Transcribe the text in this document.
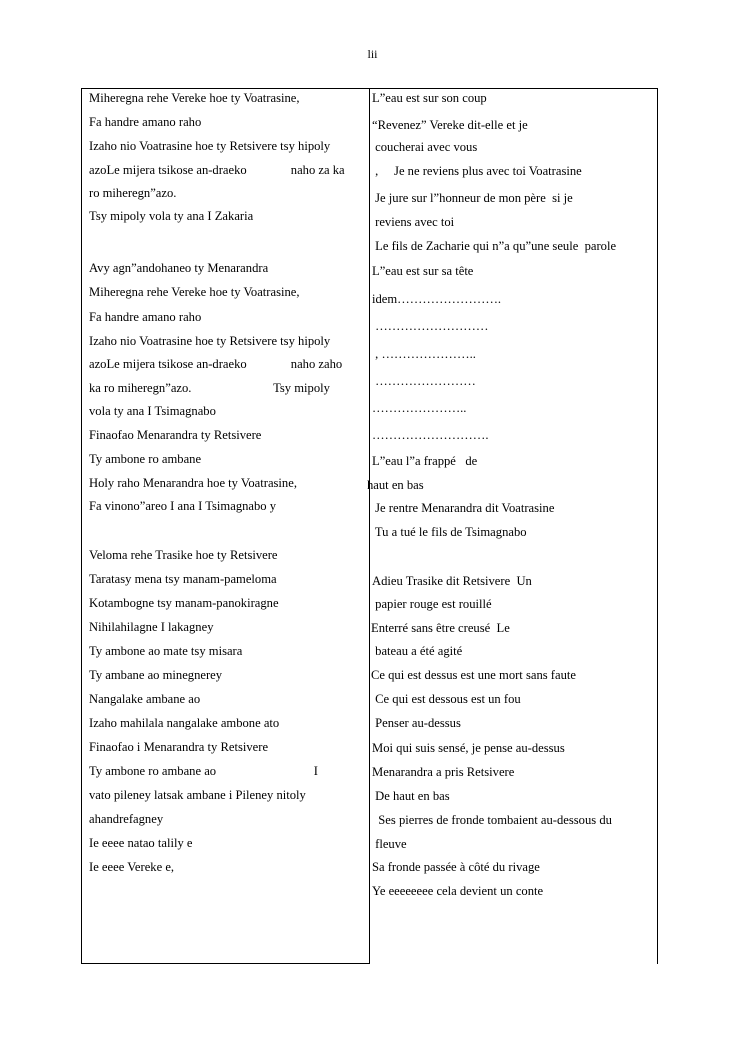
lii
Miheregna rehe Vereke hoe ty Voatrasine,
Fa handre amano raho
Izaho nio Voatrasine hoe ty Retsivere tsy hipoly
azoLe mijera tsikose an-draeko              naho za ka
ro miheregn”azo.
Tsy mipoly vola ty ana I Zakaria
Avy agn”andohaneo ty Menarandra
Miheregna rehe Vereke hoe ty Voatrasine,
Fa handre amano raho
Izaho nio Voatrasine hoe ty Retsivere tsy hipoly
azoLe mijera tsikose an-draeko              naho zaho
ka ro miheregn”azo.                          Tsy mipoly
vola ty ana I Tsimagnabo
Finaofao Menarandra ty Retsivere
Ty ambone ro ambane
Holy raho Menarandra hoe ty Voatrasine,
Fa vinono”areo I ana I Tsimagnabo y
Veloma rehe Trasike hoe ty Retsivere
Taratasy mena tsy manam-pameloma
Kotambogne tsy manam-panokiragne
Nihilahilagne I lakagney
Ty ambone ao mate tsy misara
Ty ambane ao minegnerey
Nangalake ambane ao
Izaho mahilala nangalake ambone ato
Finaofao i Menarandra ty Retsivere
Ty ambone ro ambane ao                               I
vato pileney latsak ambane i Pileney nitoly
ahandrefagney
Ie eeee natao talily e
Ie eeee Vereke e,
L”eau est sur son coup
“Revenez” Vereke dit-elle et je
coucherai avec vous
,     Je ne reviens plus avec toi Voatrasine
Je jure sur l”honneur de mon père  si je
reviens avec toi
Le fils de Zacharie qui n”a qu”une seule  parole
L”eau est sur sa tête
idem…………………….
………………………
, …………………..
……………………
…………………..
……………………….
L”eau l”a frappé   de
haut en bas
Je rentre Menarandra dit Voatrasine
Tu a tué le fils de Tsimagnabo
Adieu Trasike dit Retsivere  Un
papier rouge est rouillé
Enterré sans être creusé  Le
bateau a été agité
Ce qui est dessus est une mort sans faute
Ce qui est dessous est un fou
Penser au-dessus
Moi qui suis sensé, je pense au-dessus
Menarandra a pris Retsivere
De haut en bas
Ses pierres de fronde tombaient au-dessous du
fleuve
Sa fronde passée à côté du rivage
Ye eeeeeeee cela devient un conte
